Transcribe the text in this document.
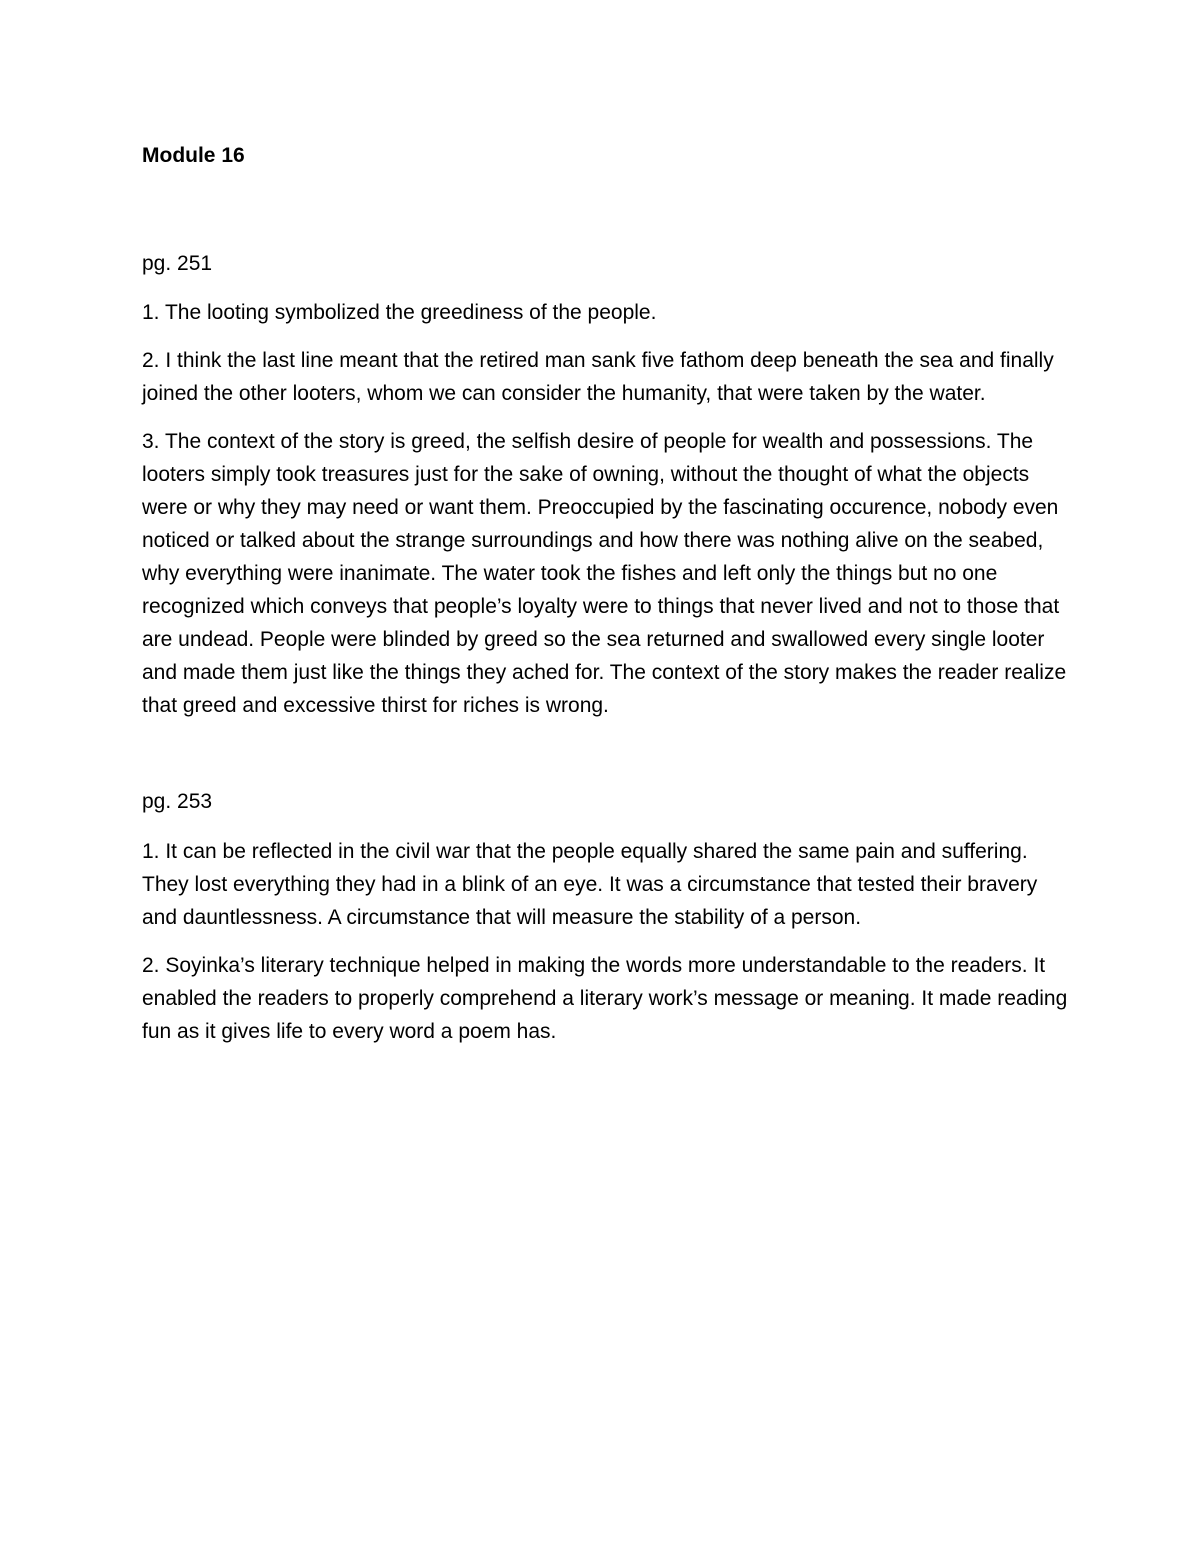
Module 16

pg. 251

1. The looting symbolized the greediness of the people.

2. I think the last line meant that the retired man sank five fathom deep beneath the sea and finally joined the other looters, whom we can consider the humanity, that were taken by the water.

3. The context of the story is greed, the selfish desire of people for wealth and possessions. The looters simply took treasures just for the sake of owning, without the thought of what the objects were or why they may need or want them. Preoccupied by the fascinating occurence, nobody even noticed or talked about the strange surroundings and how there was nothing alive on the seabed, why everything were inanimate. The water took the fishes and left only the things but no one recognized which conveys that people’s loyalty were to things that never lived and not to those that are undead. People were blinded by greed so the sea returned and swallowed every single looter and made them just like the things they ached for. The context of the story makes the reader realize that greed and excessive thirst for riches is wrong.

pg. 253

1. It can be reflected in the civil war that the people equally shared the same pain and suffering. They lost everything they had in a blink of an eye. It was a circumstance that tested their bravery and dauntlessness. A circumstance that will measure the stability of a person.

2. Soyinka’s literary technique helped in making the words more understandable to the readers. It enabled the readers to properly comprehend a literary work’s message or meaning. It made reading fun as it gives life to every word a poem has.
